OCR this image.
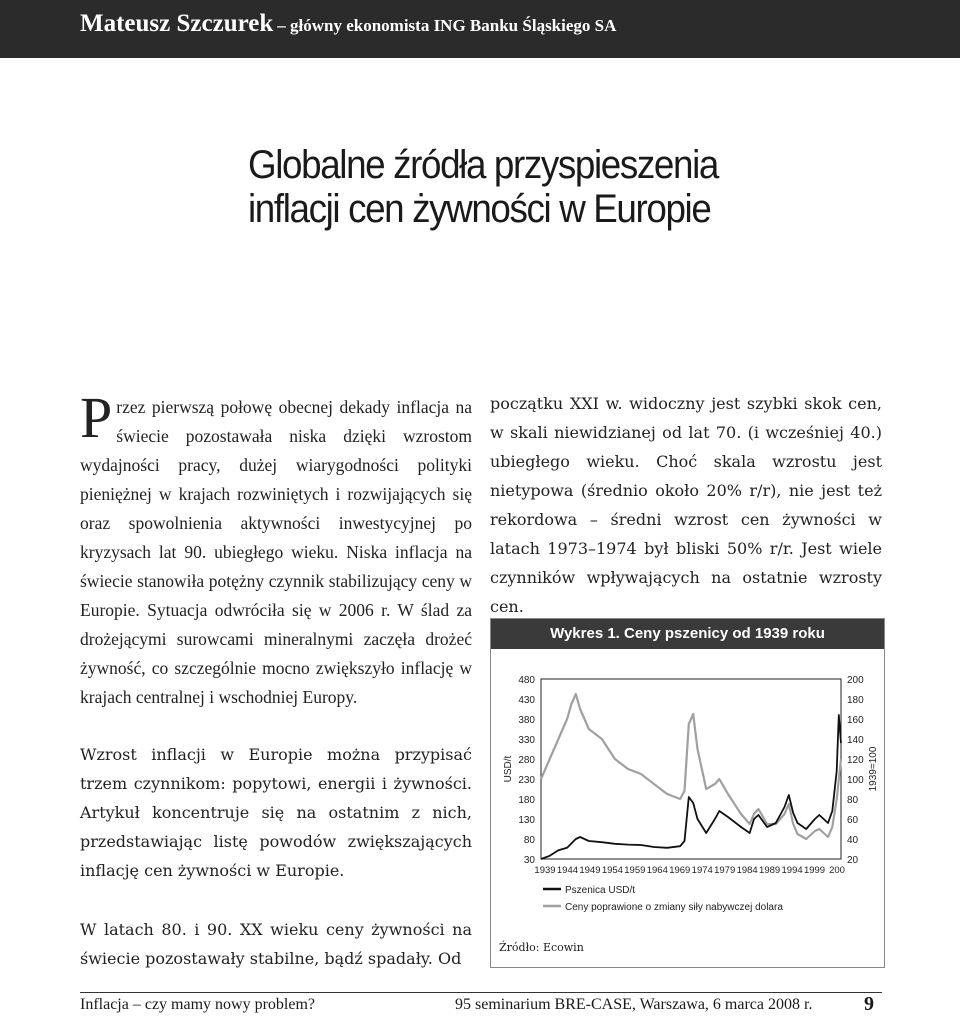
Mateusz Szczurek – główny ekonomista ING Banku Śląskiego SA
Globalne źródła przyspieszenia
inflacji cen żywności w Europie
Przez pierwszą połowę obecnej dekady inflacja na świecie pozostawała niska dzięki wzrostom wydajności pracy, dużej wiarygodności polityki pieniężnej w krajach rozwiniętych i rozwijających się oraz spowolnienia aktywności inwestycyjnej po kryzysach lat 90. ubiegłego wieku. Niska inflacja na świecie stanowiła potężny czynnik stabilizujący ceny w Europie. Sytuacja odwróciła się w 2006 r. W ślad za drożejącymi surowcami mineralnymi zaczęła drożeć żywność, co szczególnie mocno zwiększyło inflację w krajach centralnej i wschodniej Europy.
Wzrost inflacji w Europie można przypisać trzem czynnikom: popytowi, energii i żywności. Artykuł koncentruje się na ostatnim z nich, przedstawiając listę powodów zwiększających inflację cen żywności w Europie.
W latach 80. i 90. XX wieku ceny żywności na świecie pozostawały stabilne, bądź spadały. Od
początku XXI w. widoczny jest szybki skok cen, w skali niewidzianej od lat 70. (i wcześniej 40.) ubiegłego wieku. Choć skala wzrostu jest nietypowa (średnio około 20% r/r), nie jest też rekordowa – średni wzrost cen żywności w latach 1973–1974 był bliski 50% r/r. Jest wiele czynników wpływających na ostatnie wzrosty cen.
Wykres 1. Ceny pszenicy od 1939 roku
30
80
130
180
230
280
330
380
430
480
20
40
60
80
100
120
140
160
180
200
1939 1944 1949 1954 1959 1964 1969 1974 1979 1984 1989 1994 1999 200
USD/t	1939=100
Pszenica USD/t
Ceny poprawione o zmiany siły nabywczej dolara
Źródło: Ecowin
Inflacja – czy mamy nowy problem?	95 seminarium BRE-CASE, Warszawa, 6 marca 2008 r.	9
